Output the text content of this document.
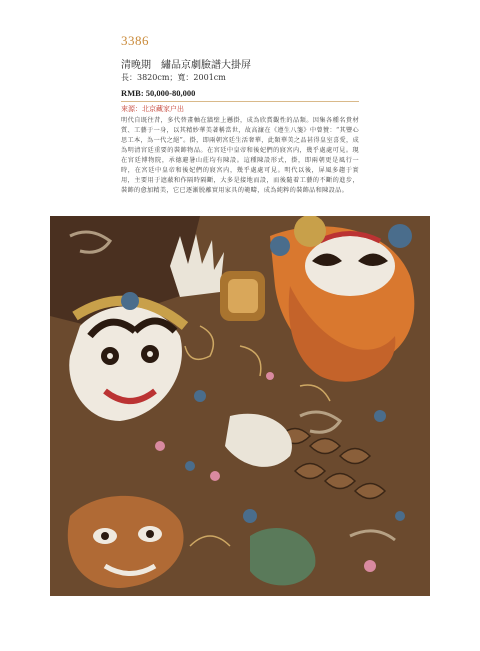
3386
清晚期　繡品京劇臉譜大掛屏
長：3820cm；寬：2001cm
RMB: 50,000-80,000
來源：北京藏家户出
明代自既往昔，多代替畫軸在牆壁上懸掛，成為欣賞觀性的品類。因集各種名貴材質、工藝于一身，以其精妙華美著稱當世，故高濂在《遵生八箋》中曾贊：“其豐心思工本，為一代之絕”。掛，即兩朝宮廷生活奢華，此類華美之品甚得皇室喜愛，成為明清宮廷重要的裝飾物品。在宮廷中皇帝和後妃們的寢宮内，幾乎處處可見。現在宮廷博物院，承德避暑山莊均有陳設。這種陳設形式，掛，即兩朝更是風行一時，在宮廷中皇帝和後妃們的寢宮内，幾乎處處可見。明代以後，屏風多趨于實用，主要用于遮蔽和作隔時隔斷，大多是接地而設，而後隨着工藝的不斷的進步，裝飾的愈加精美，它已逐漸脱離實用家具的範疇，成為純粹的裝飾品和陳設品。
